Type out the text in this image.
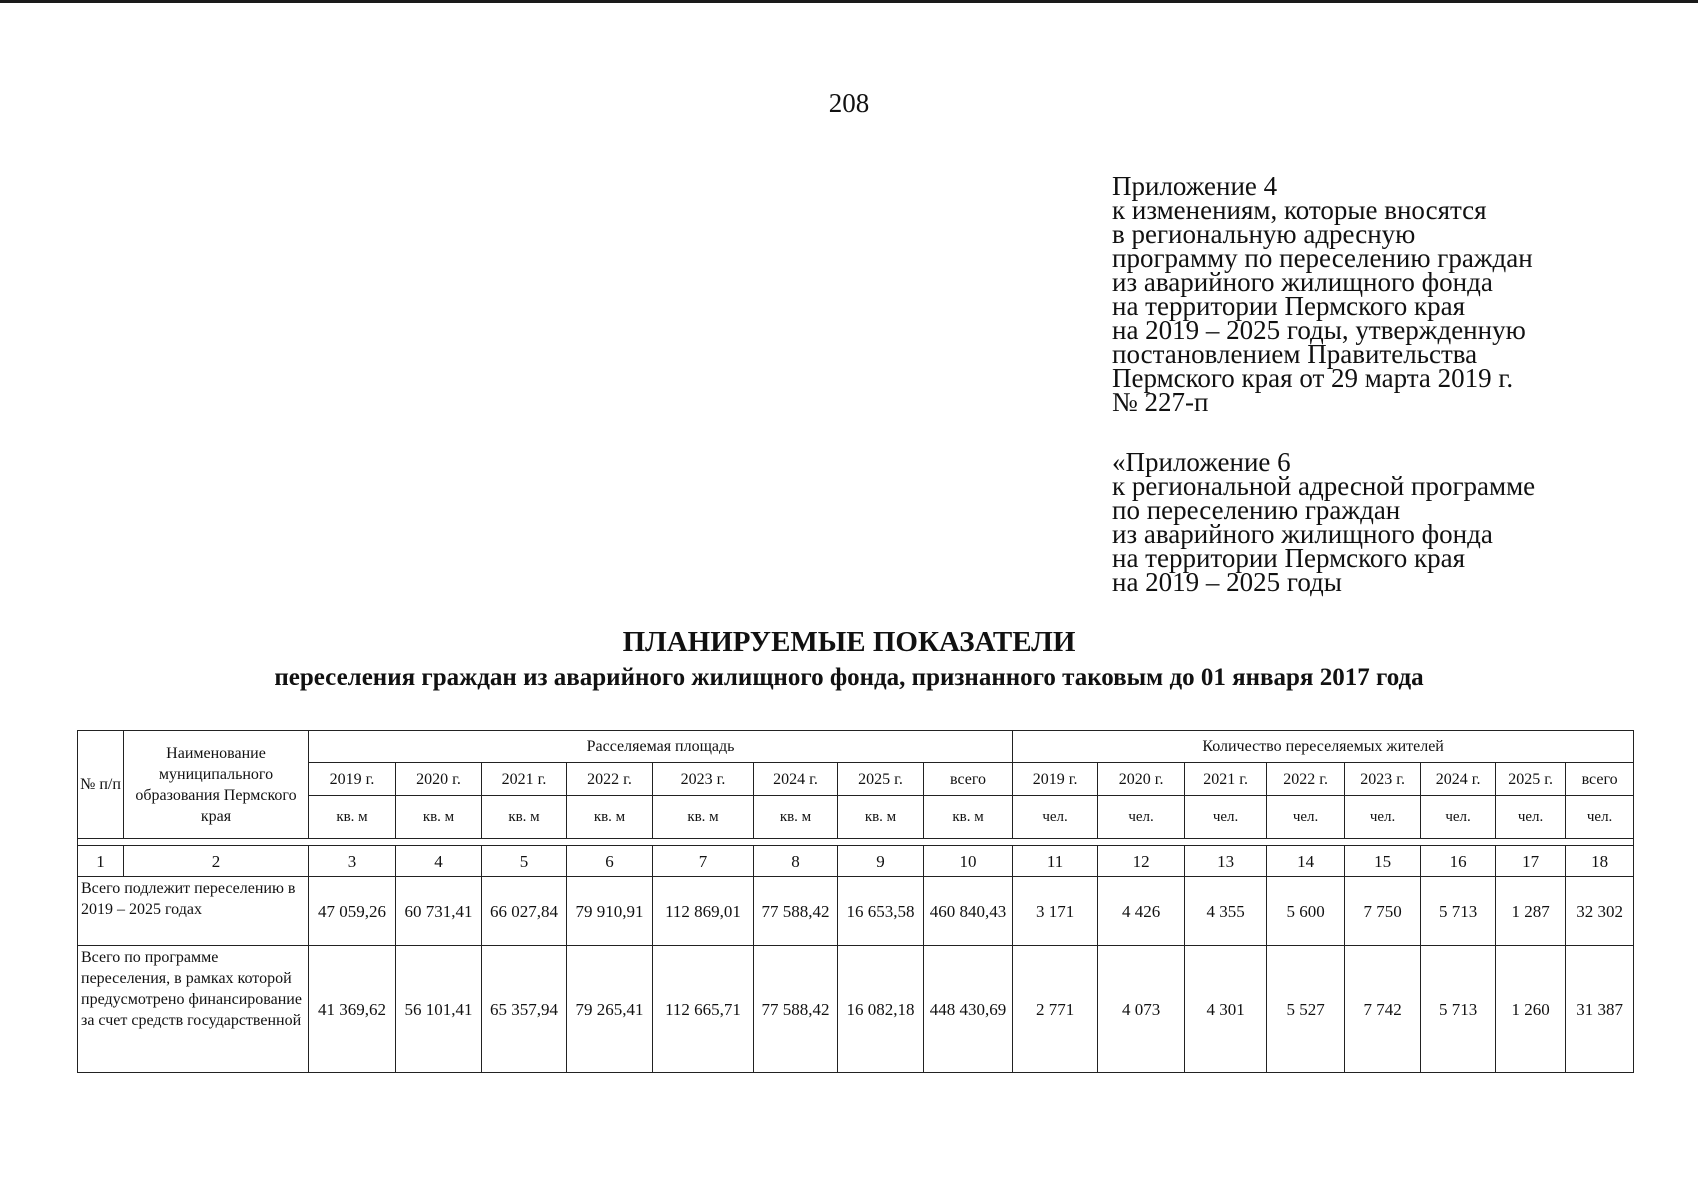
208
Приложение 4
к изменениям, которые вносятся
в региональную адресную
программу по переселению граждан
из аварийного жилищного фонда
на территории Пермского края
на 2019 – 2025 годы, утвержденную
постановлением Правительства
Пермского края от 29 марта 2019 г.
№ 227-п
«Приложение 6
к региональной адресной программе
по переселению граждан
из аварийного жилищного фонда
на территории Пермского края
на 2019 – 2025 годы
ПЛАНИРУЕМЫЕ ПОКАЗАТЕЛИ
переселения граждан из аварийного жилищного фонда, признанного таковым до 01 января 2017 года
№ п/п	Наименование муниципального образования Пермского края	Расселяемая площадь								Количество переселяемых жителей							
		2019 г.	2020 г.	2021 г.	2022 г.	2023 г.	2024 г.	2025 г.	всего	2019 г.	2020 г.	2021 г.	2022 г.	2023 г.	2024 г.	2025 г.	всего
		кв. м	кв. м	кв. м	кв. м	кв. м	кв. м	кв. м	кв. м	чел.	чел.	чел.	чел.	чел.	чел.	чел.	чел.

1	2	3	4	5	6	7	8	9	10	11	12	13	14	15	16	17	18
Всего подлежит переселению в 2019 – 2025 годах		47 059,26	60 731,41	66 027,84	79 910,91	112 869,01	77 588,42	16 653,58	460 840,43	3 171	4 426	4 355	5 600	7 750	5 713	1 287	32 302
Всего по программе переселения, в рамках которой предусмотрено финансирование за счет средств государственной		41 369,62	56 101,41	65 357,94	79 265,41	112 665,71	77 588,42	16 082,18	448 430,69	2 771	4 073	4 301	5 527	7 742	5 713	1 260	31 387
